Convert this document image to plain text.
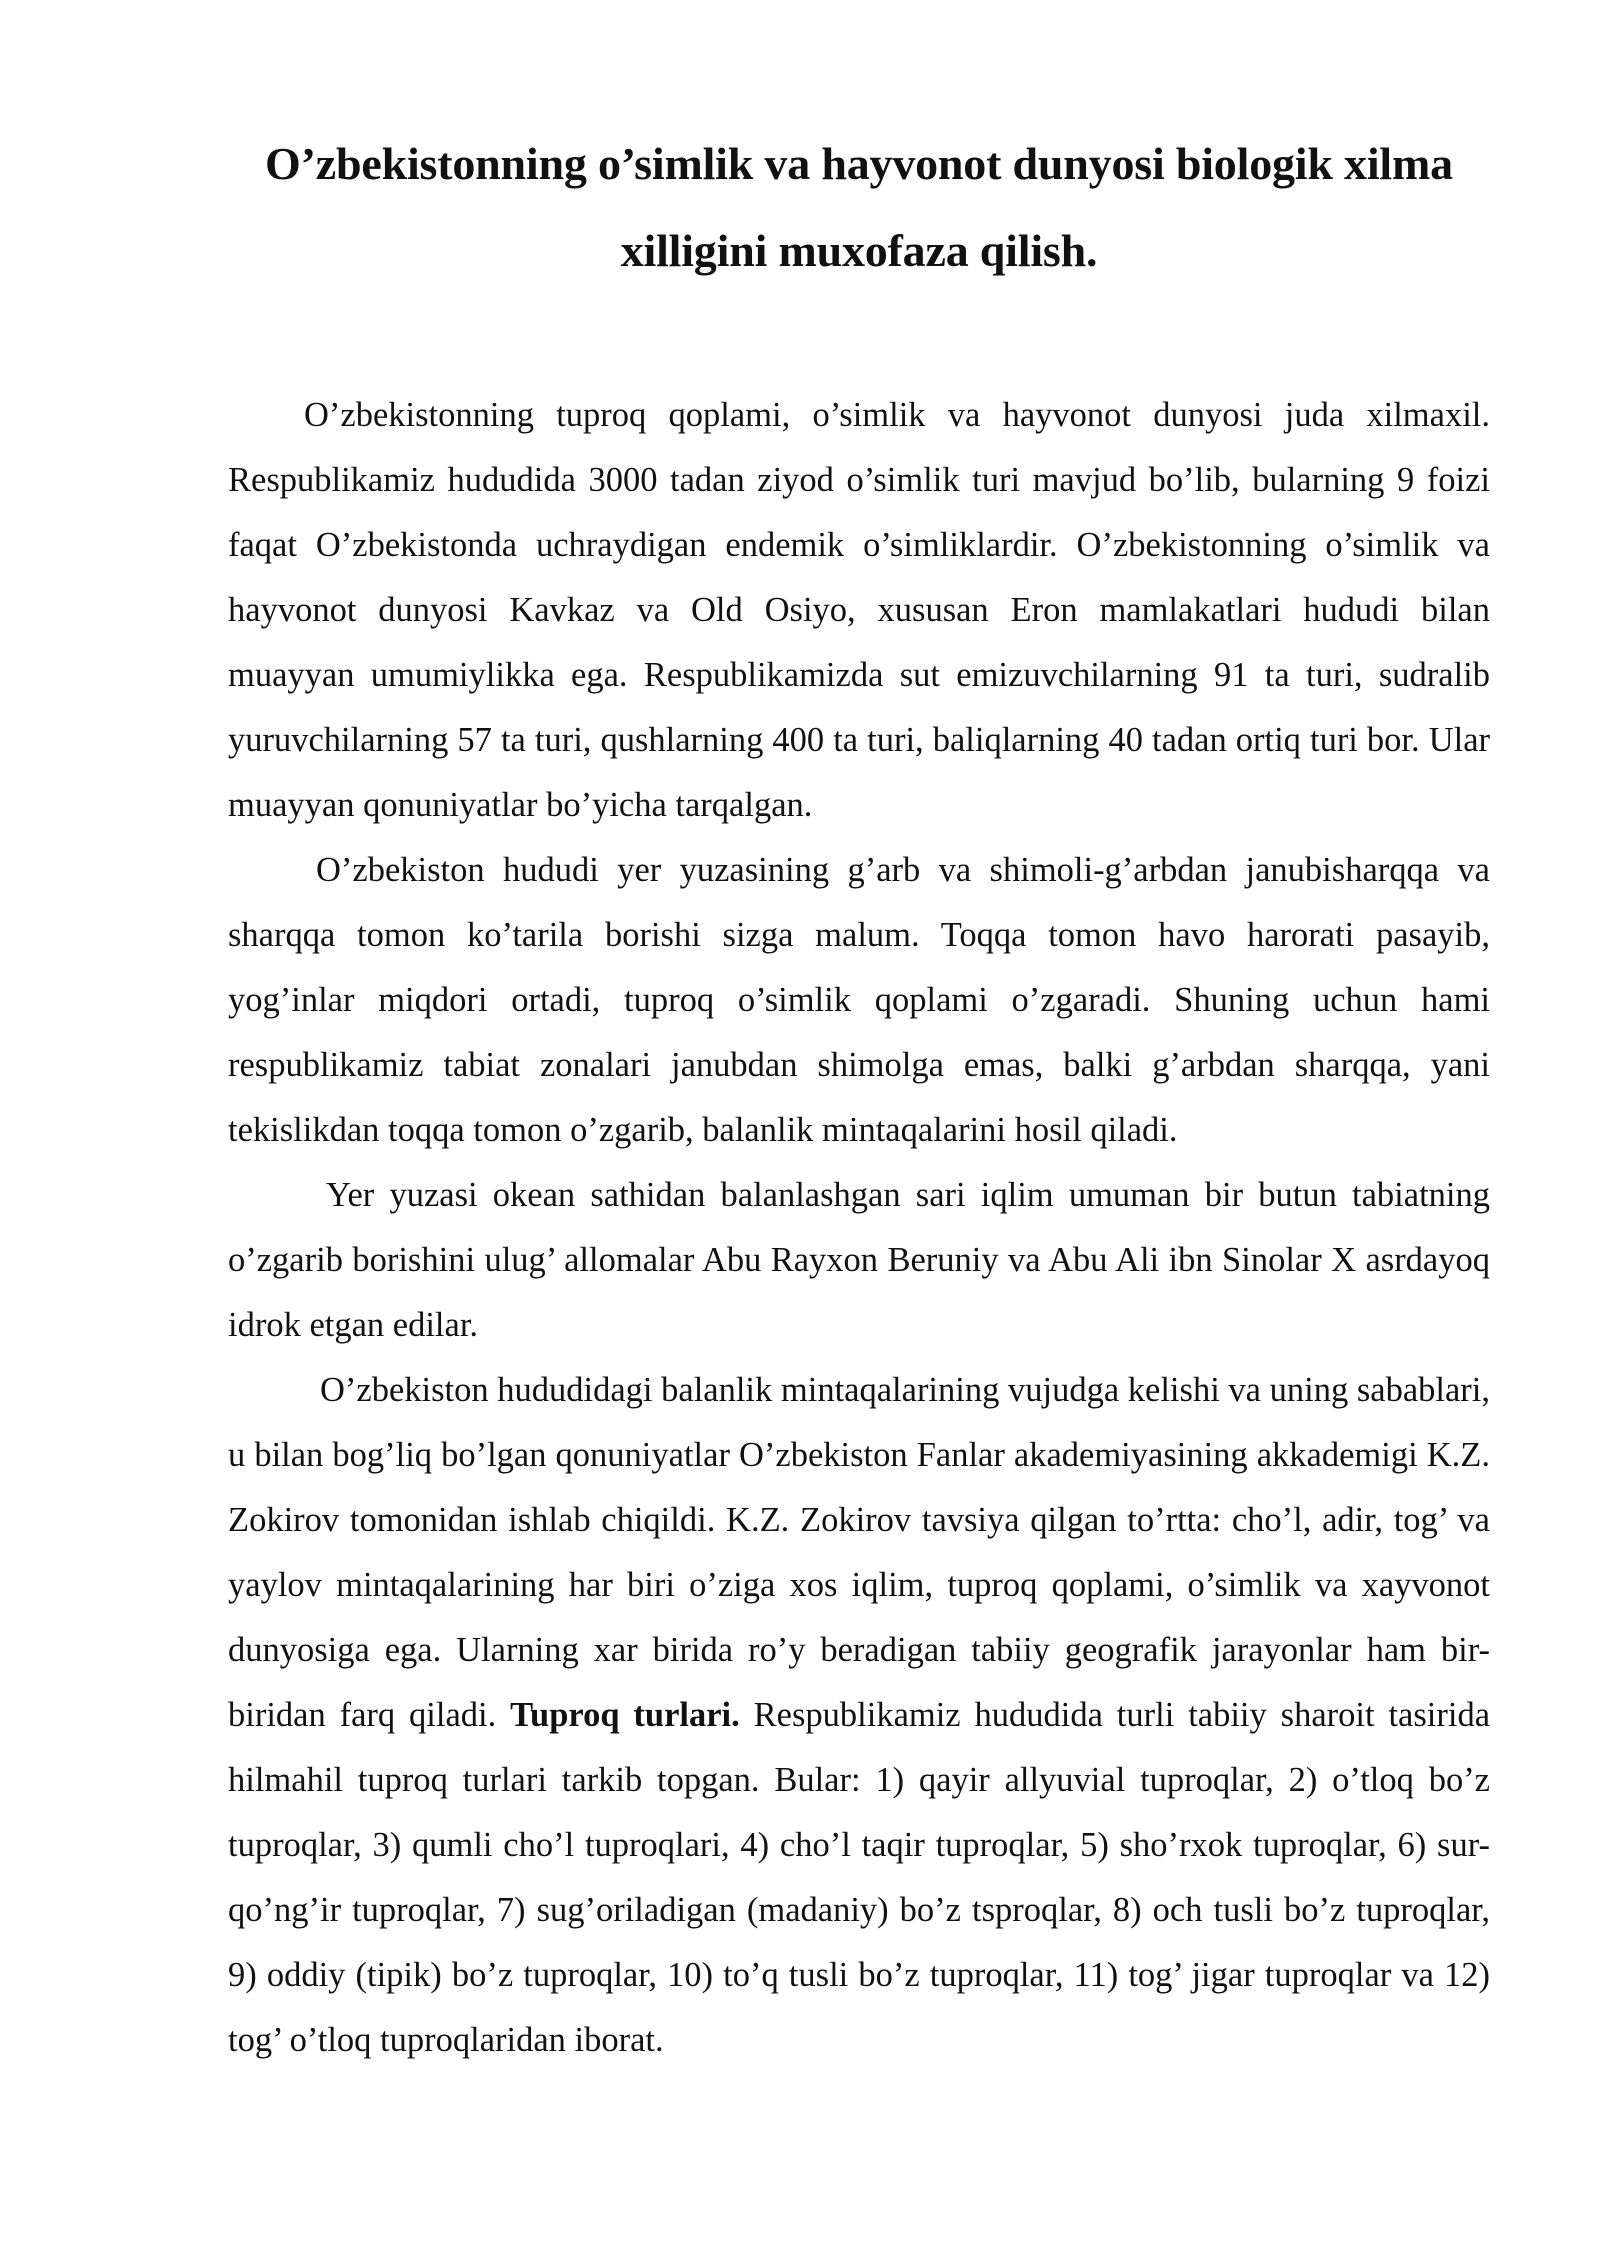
O’zbekistonning o’simlik va hayvonot dunyosi biologik xilma xilligini muxofaza qilish.

O’zbekistonning tuproq qoplami, o’simlik va hayvonot dunyosi juda xilmaxil. Respublikamiz hududida 3000 tadan ziyod o’simlik turi mavjud bo’lib, bularning 9 foizi faqat O’zbekistonda uchraydigan endemik o’simliklardir. O’zbekistonning o’simlik va hayvonot dunyosi Kavkaz va Old Osiyo, xususan Eron mamlakatlari hududi bilan muayyan umumiylikka ega. Respublikamizda sut emizuvchilarning 91 ta turi, sudralib yuruvchilarning 57 ta turi, qushlarning 400 ta turi, baliqlarning 40 tadan ortiq turi bor. Ular muayyan qonuniyatlar bo’yicha tarqalgan.

O’zbekiston hududi yer yuzasining g’arb va shimoli-g’arbdan janubisharqqa va sharqqa tomon ko’tarila borishi sizga malum. Toqqa tomon havo harorati pasayib, yog’inlar miqdori ortadi, tuproq o’simlik qoplami o’zgaradi. Shuning uchun hami respublikamiz tabiat zonalari janubdan shimolga emas, balki g’arbdan sharqqa, yani tekislikdan toqqa tomon o’zgarib, balanlik mintaqalarini hosil qiladi.

Yer yuzasi okean sathidan balanlashgan sari iqlim umuman bir butun tabiatning o’zgarib borishini ulug’ allomalar Abu Rayxon Beruniy va Abu Ali ibn Sinolar X asrdayoq idrok etgan edilar.

O’zbekiston hududidagi balanlik mintaqalarining vujudga kelishi va uning sabablari, u bilan bog’liq bo’lgan qonuniyatlar O’zbekiston Fanlar akademiyasining akkademigi K.Z. Zokirov tomonidan ishlab chiqildi. K.Z. Zokirov tavsiya qilgan to’rtta: cho’l, adir, tog’ va yaylov mintaqalarining har biri o’ziga xos iqlim, tuproq qoplami, o’simlik va xayvonot dunyosiga ega. Ularning xar birida ro’y beradigan tabiiy geografik jarayonlar ham bir-biridan farq qiladi. Tuproq turlari. Respublikamiz hududida turli tabiiy sharoit tasirida hilmahil tuproq turlari tarkib topgan. Bular: 1) qayir allyuvial tuproqlar, 2) o’tloq bo’z tuproqlar, 3) qumli cho’l tuproqlari, 4) cho’l taqir tuproqlar, 5) sho’rxok tuproqlar, 6) sur-qo’ng’ir tuproqlar, 7) sug’oriladigan (madaniy) bo’z tsproqlar, 8) och tusli bo’z tuproqlar, 9) oddiy (tipik) bo’z tuproqlar, 10) to’q tusli bo’z tuproqlar, 11) tog’ jigar tuproqlar va 12) tog’ o’tloq tuproqlaridan iborat.
